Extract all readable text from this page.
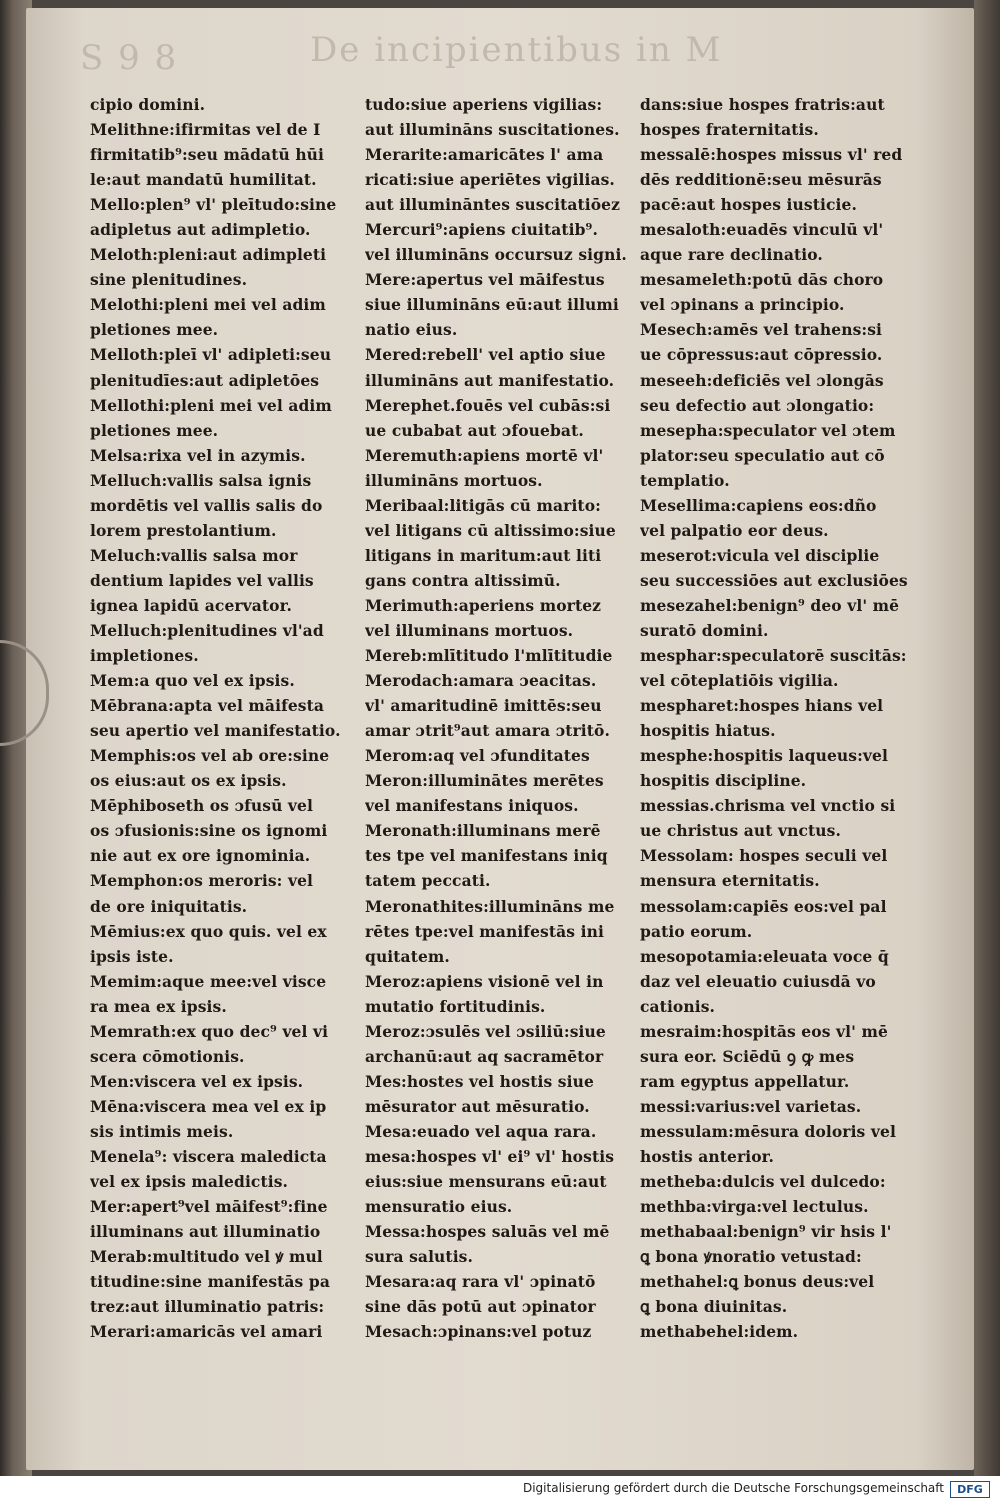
S 9 8	De incipientibus in M
cipio domini.
Melithne:ifirmitas vel de I
firmitatib⁹:seu mādatū hūi
le:aut mandatū humilitat.
Mello:plen⁹ vl' pleītudo:sine
adipletus aut adimpletio.
Meloth:pleni:aut adimpleti
sine plenitudines.
Melothi:pleni mei vel adim
pletiones mee.
Melloth:pleī vl' adipleti:seu
plenitudīes:aut adipletōes
Mellothi:pleni mei vel adim
pletiones mee.
Melsa:rixa vel in azymis.
Melluch:vallis salsa ignis
mordētis vel vallis salis do
lorem prestolantium.
Meluch:vallis salsa mor
dentium lapides vel vallis
ignea lapidū acervator.
Melluch:plenitudines vl'ad
impletiones.
Mem:a quo vel ex ipsis.
Mēbrana:apta vel māifesta
seu apertio vel manifestatio.
Memphis:os vel ab ore:sine
os eius:aut os ex ipsis.
Mēphiboseth os ɔfusū vel
os ɔfusionis:sine os ignomi
nie aut ex ore ignominia.
Memphon:os meroris: vel
de ore iniquitatis.
Mēmius:ex quo quis. vel ex
ipsis iste.
Memim:aque mee:vel visce
ra mea ex ipsis.
Memrath:ex quo dec⁹ vel vi
scera cōmotionis.
Men:viscera vel ex ipsis.
Mēna:viscera mea vel ex ip
sis intimis meis.
Menela⁹: viscera maledicta
vel ex ipsis maledictis.
Mer:apert⁹vel māifest⁹:fine
illuminans aut illuminatio
Merab:multitudo vel ꝟ mul
titudine:sine manifestās pa
trez:aut illuminatio patris:
Merari:amaricās vel amari
tudo:siue aperiens vigilias:
aut illumināns suscitationes.
Merarite:amaricātes l' ama
ricati:siue aperiētes vigilias.
aut illumināntes suscitatiōez
Mercuri⁹:apiens ciuitatib⁹.
vel illumināns occursuz signi.
Mere:apertus vel māifestus
siue illumināns eū:aut illumi
natio eius.
Mered:rebell' vel aptio siue
illumināns aut manifestatio.
Merephet.fouēs vel cubās:si
ue cubabat aut ɔfouebat.
Meremuth:apiens mortē vl'
illumināns mortuos.
Meribaal:litigās cū marito:
vel litigans cū altissimo:siue
litigans in maritum:aut liti
gans contra altissimū.
Merimuth:aperiens mortez
vel illuminans mortuos.
Mereb:mlītitudo l'mlītitudie
Merodach:amara ɔeacitas.
vl' amaritudinē imittēs:seu
amar ɔtrit⁹aut amara ɔtritō.
Merom:aq vel ɔfunditates
Meron:illuminātes merētes
vel manifestans iniquos.
Meronath:illuminans merē
tes tpe vel manifestans iniq
tatem peccati.
Meronathites:illumināns me
rētes tpe:vel manifestās ini
quitatem.
Meroz:apiens visionē vel in
mutatio fortitudinis.
Meroz:ɔsulēs vel ɔsiliū:siue
archanū:aut aq sacramētor
Mes:hostes vel hostis siue
mēsurator aut mēsuratio.
Mesa:euado vel aqua rara.
mesa:hospes vl' ei⁹ vl' hostis
eius:siue mensurans eū:aut
mensuratio eius.
Messa:hospes saluās vel mē
sura salutis.
Mesara:aq rara vl' ɔpinatō
sine dās potū aut ɔpinator
Mesach:ɔpinans:vel potuz
dans:siue hospes fratris:aut
hospes fraternitatis.
messalē:hospes missus vl' red
dēs redditionē:seu mēsurās
pacē:aut hospes iusticie.
mesaloth:euadēs vinculū vl'
aque rare declinatio.
mesameleth:potū dās choro
vel ɔpinans a principio.
Mesech:amēs vel trahens:si
ue cōpressus:aut cōpressio.
meseeh:deficiēs vel ɔlongās
seu defectio aut ɔlongatio:
mesepha:speculator vel ɔtem
plator:seu speculatio aut cō
templatio.
Mesellima:capiens eos:dño
vel palpatio eor deus.
meserot:vicula vel disciplie
seu successiōes aut exclusiōes
mesezahel:benign⁹ deo vl' mē
suratō domini.
mesphar:speculatorē suscitās:
vel cōteplatiōis vigilia.
mespharet:hospes hians vel
hospitis hiatus.
mesphe:hospitis laqueus:vel
hospitis discipline.
messias.chrisma vel vnctio si
ue christus aut vnctus.
Messolam: hospes seculi vel
mensura eternitatis.
messolam:capiēs eos:vel pal
patio eorum.
mesopotamia:eleuata voce q̄
daz vel eleuatio cuiusdā vo
cationis.
mesraim:hospitās eos vl' mē
sura eor. Sciēdū ꝯ ꝙ mes
ram egyptus appellatur.
messi:varius:vel varietas.
messulam:mēsura doloris vel
hostis anterior.
metheba:dulcis vel dulcedo:
methba:virga:vel lectulus.
methabaal:benign⁹ vir hsis l'
ꝗ bona ꝟnoratio vetustad:
methahel:ꝗ bonus deus:vel
ꝗ bona diuinitas.
methabehel:idem.
Digitalisierung gefördert durch die Deutsche Forschungsgemeinschaft	DFG
